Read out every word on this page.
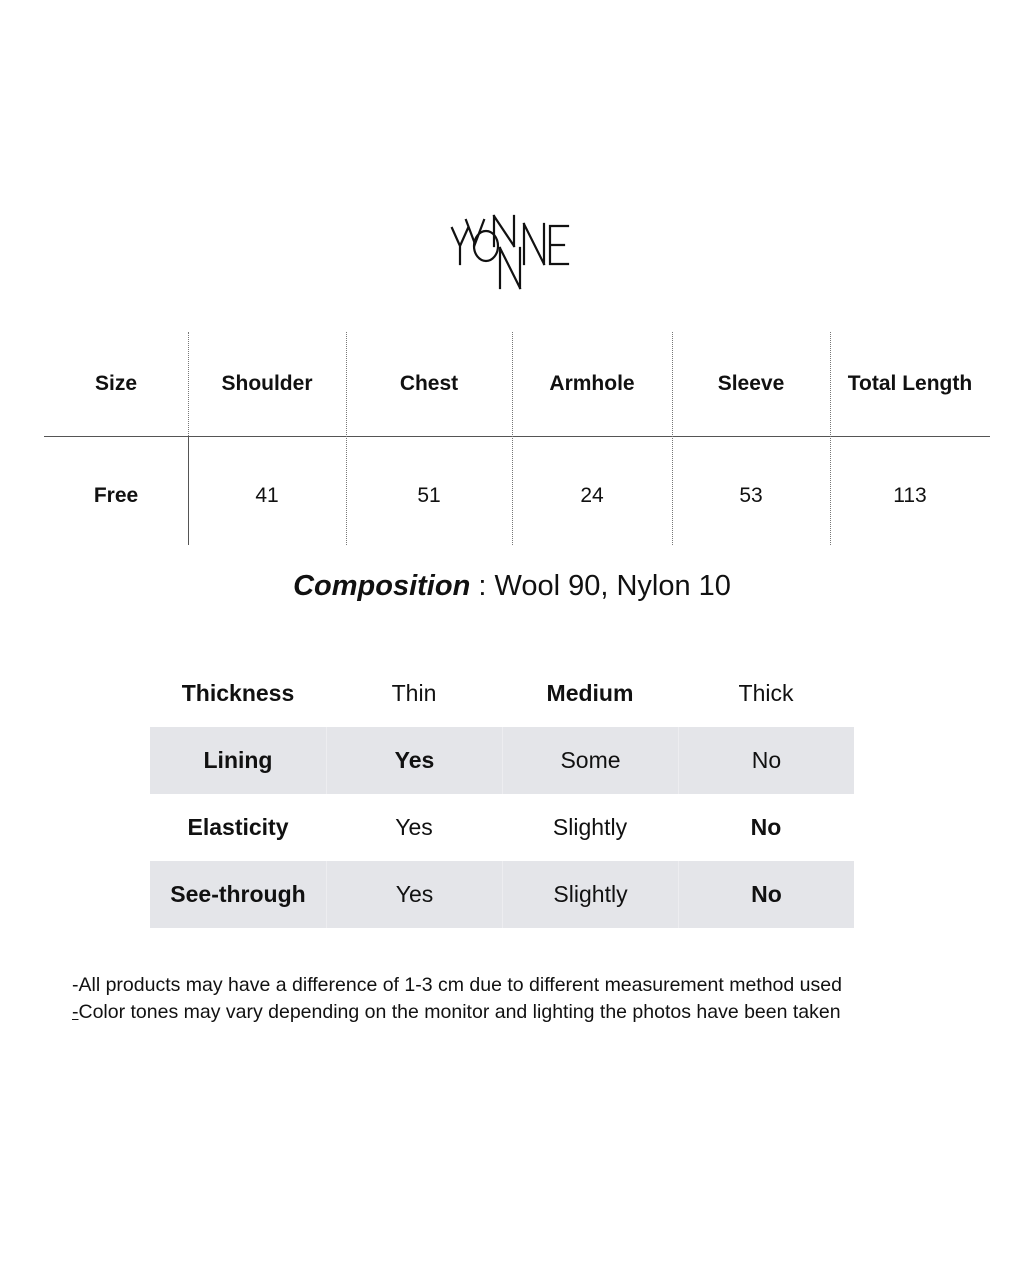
Size	Shoulder	Chest	Armhole	Sleeve	Total Length
Free	41	51	24	53	113
Composition : Wool 90, Nylon 10
Thickness	Thin	Medium	Thick
Lining	Yes	Some	No
Elasticity	Yes	Slightly	No
See-through	Yes	Slightly	No
-All products may have a difference of 1-3 cm due to different measurement method used
-Color tones may vary depending on the monitor and lighting the photos have been taken
